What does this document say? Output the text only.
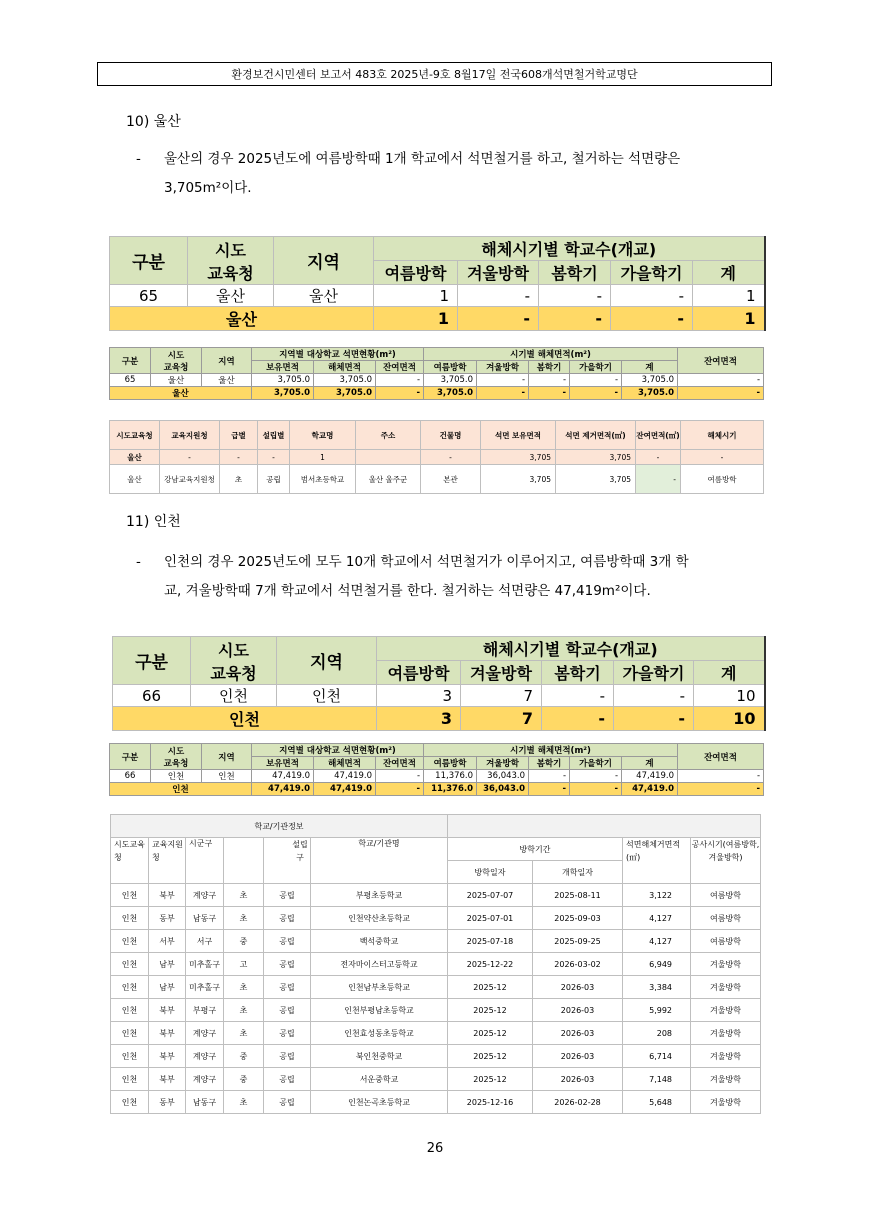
환경보건시민센터 보고서 483호 2025년-9호 8월17일 전국608개석면철거학교명단
10) 울산
- 울산의 경우 2025년도에 여름방학때 1개 학교에서 석면철거를 하고, 철거하는 석면량은
3,705m²이다.
구분	시도
교육청	지역	해체시기별 학교수(개교)				
			여름방학	겨울방학	봄학기	가을학기	계
65	울산	울산	1	-	-	-	1
울산			1	-	-	-	1
구분	시도
교육청	지역	지역별 대상학교 석면현황(m²)			시기별 해체면적(m²)					잔여면적
			보유면적	해체면적	잔여면적	여름방학	겨울방학	봄학기	가을학기	계	
65	울산	울산	3,705.0	3,705.0	-	3,705.0	-	-	-	3,705.0	-
울산			3,705.0	3,705.0	-	3,705.0	-	-	-	3,705.0	-
시도교육청	교육지원청	급별	설립별	학교명	주소	건물명	석면 보유면적	석면 제거면적(㎡)	잔여면적(㎡)	해체시기
울산	-	-	-	1		-	3,705	3,705	-	-
울산	강남교육지원청	초	공립	범서초등학교	울산 울주군	본관	3,705	3,705	-	여름방학
11) 인천
- 인천의 경우 2025년도에 모두 10개 학교에서 석면철거가 이루어지고, 여름방학때 3개 학
교, 겨울방학때 7개 학교에서 석면철거를 한다. 철거하는 석면량은 47,419m²이다.
구분	시도
교육청	지역	해체시기별 학교수(개교)				
			여름방학	겨울방학	봄학기	가을학기	계
66	인천	인천	3	7	-	-	10
인천			3	7	-	-	10
구분	시도
교육청	지역	지역별 대상학교 석면현황(m²)			시기별 해체면적(m²)					잔여면적
			보유면적	해체면적	잔여면적	여름방학	겨울방학	봄학기	가을학기	계	
66	인천	인천	47,419.0	47,419.0	-	11,376.0	36,043.0	-	-	47,419.0	-
인천			47,419.0	47,419.0	-	11,376.0	36,043.0	-	-	47,419.0	-
학교/기관정보									
시도교육청	교육지원청	시군구		설립구	학교/기관명	방학기간		석면해체거면적(㎡)	공사시기(여름방학, 겨울방학)
						방학일자	개학일자		
인천	북부	계양구	초	공립	부평초등학교	2025-07-07	2025-08-11	3,122	여름방학
인천	동부	남동구	초	공립	인천약산초등학교	2025-07-01	2025-09-03	4,127	여름방학
인천	서부	서구	중	공립	백석중학교	2025-07-18	2025-09-25	4,127	여름방학
인천	남부	미추홀구	고	공립	전자마이스터고등학교	2025-12-22	2026-03-02	6,949	겨울방학
인천	남부	미추홀구	초	공립	인천남부초등학교	2025-12	2026-03	3,384	겨울방학
인천	북부	부평구	초	공립	인천부평남초등학교	2025-12	2026-03	5,992	겨울방학
인천	북부	계양구	초	공립	인천효성동초등학교	2025-12	2026-03	208	겨울방학
인천	북부	계양구	중	공립	북인천중학교	2025-12	2026-03	6,714	겨울방학
인천	북부	계양구	중	공립	서운중학교	2025-12	2026-03	7,148	겨울방학
인천	동부	남동구	초	공립	인천논곡초등학교	2025-12-16	2026-02-28	5,648	겨울방학
26
